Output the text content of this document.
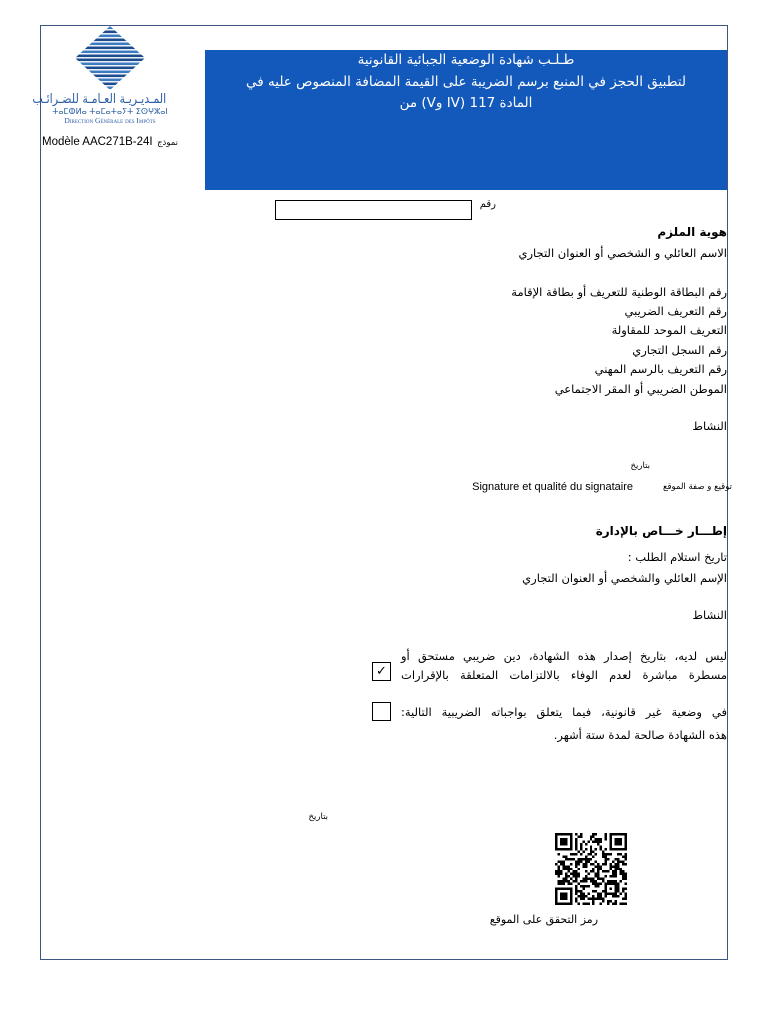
المـديـريـة العـامـة للضـرائـب
ⵜⴰⵎⵀⵍⴰ ⵜⴰⵎⴰⵜⴰⵢⵜ ⵉⵙⵖⵣⴰⵏ
Direction Générale des Impôts
Modèle AAC271B-24I نموذج
طـلـب شهادة الوضعية الجبائية القانونية
لتطبيق الحجز في المنبع برسم الضريبة على القيمة المضافة المنصوص عليه في
المادة 117 (IV وV) من
رقم
هوية الملزم
الاسم العائلي و الشخصي أو العنوان التجاري
رقم البطاقة الوطنية للتعريف أو بطاقة الإقامة
رقم التعريف الضريبي
التعريف الموحد للمقاولة
رقم السجل التجاري
رقم التعريف بالرسم المهني
الموطن الضريبي أو المقر الاجتماعي
النشاط
بتاريخ
Signature et qualité du signataire	توقيع و صفة الموقع
إطـــار خـــاص بالإدارة
تاريخ استلام الطلب :
الإسم العائلي والشخصي أو العنوان التجاري
النشاط
ليس لديه، بتاريخ إصدار هذه الشهادة، دين ضريبي مستحق أو
مسطرة مباشرة لعدم الوفاء بالالتزامات المتعلقة بالإقرارات
✓
في وضعية غير قانونية، فيما يتعلق بواجباته الضريبية التالية:
هذه الشهادة صالحة لمدة ستة أشهر.
بتاريخ
رمز التحقق على الموقع
